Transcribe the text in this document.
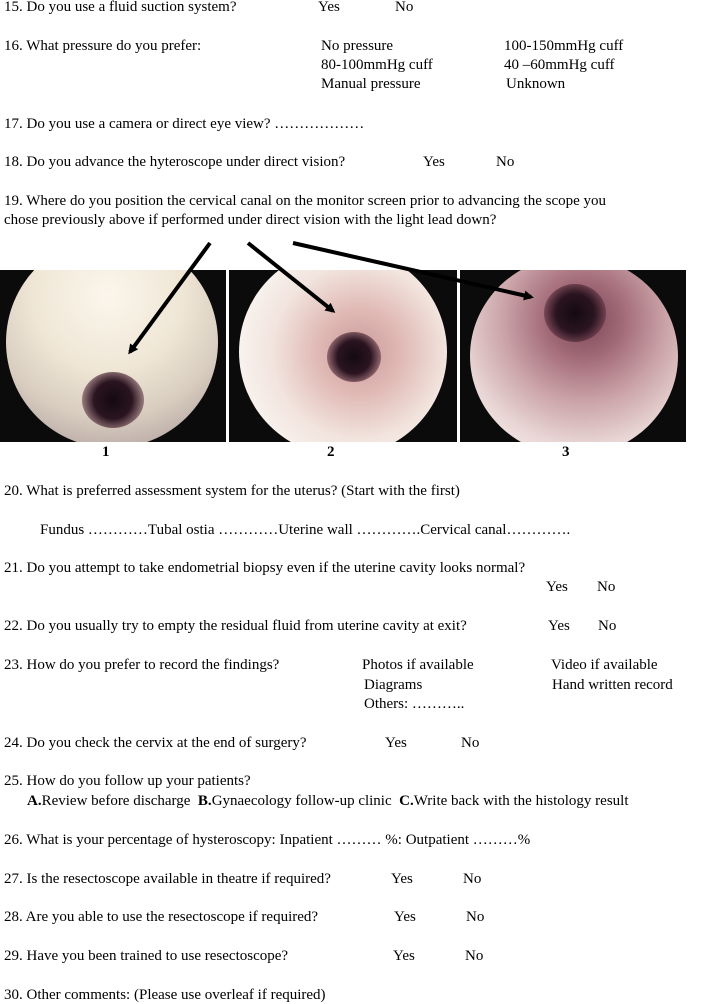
15. Do you use a fluid suction system?	Yes	No
16. What pressure do you prefer:	No pressure	100-150mmHg cuff
80-100mmHg cuff	40 –60mmHg cuff
Manual pressure	Unknown
17. Do you use a camera or direct eye view? ………………
18. Do you advance the hyteroscope under direct vision?	Yes	No
19. Where do you position the cervical canal on the monitor screen prior to advancing the scope you
chose previously above if performed under direct vision with the light lead down?
1	2	3
20. What is preferred assessment system for the uterus? (Start with the first)
Fundus …………Tubal ostia …………Uterine wall ………….Cervical canal………….
21. Do you attempt to take endometrial biopsy even if the uterine cavity looks normal?
Yes No
22. Do you usually try to empty the residual fluid from uterine cavity at exit?	Yes No
23. How do you prefer to record the findings?	Photos if available	Video if available
Diagrams	Hand written record
Others: ………..
24. Do you check the cervix at the end of surgery?	Yes	No
25. How do you follow up your patients?
A.Review before discharge B.Gynaecology follow-up clinic C.Write back with the histology result
26. What is your percentage of hysteroscopy: Inpatient ……… %: Outpatient ………%
27. Is the resectoscope available in theatre if required?	Yes	No
28. Are you able to use the resectoscope if required?	Yes	No
29. Have you been trained to use resectoscope?	Yes	No
30. Other comments: (Please use overleaf if required)
